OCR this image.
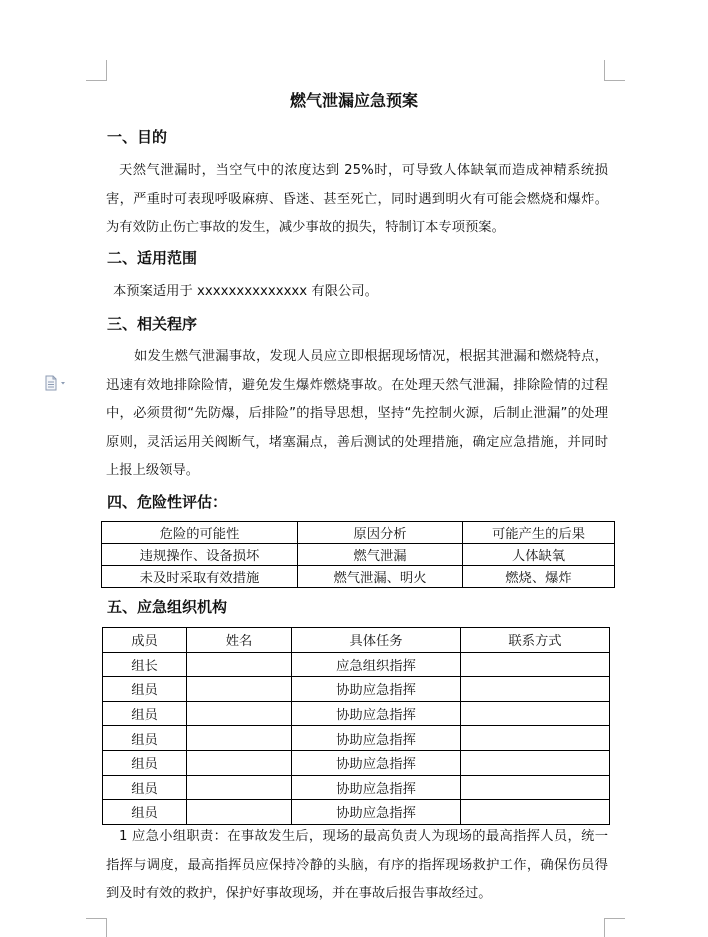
燃气泄漏应急预案
一、目的

天然气泄漏时，当空气中的浓度达到 25%时，可导致人体缺氧而造成神精系统损害，严重时可表现呼吸麻痹、昏迷、甚至死亡，同时遇到明火有可能会燃烧和爆炸。为有效防止伤亡事故的发生，减少事故的损失，特制订本专项预案。

二、适用范围

本预案适用于 xxxxxxxxxxxxxx 有限公司。

三、相关程序

如发生燃气泄漏事故，发现人员应立即根据现场情况，根据其泄漏和燃烧特点，迅速有效地排除险情，避免发生爆炸燃烧事故。在处理天然气泄漏，排除险情的过程中，必须贯彻“先防爆，后排险”的指导思想，坚持“先控制火源，后制止泄漏”的处理原则，灵活运用关阀断气，堵塞漏点，善后测试的处理措施，确定应急措施，并同时上报上级领导。

四、危险性评估：
危险的可能性	原因分析	可能产生的后果
违规操作、设备损坏	燃气泄漏	人体缺氧
未及时采取有效措施	燃气泄漏、明火	燃烧、爆炸
五、应急组织机构
成员	姓名	具体任务	联系方式
组长		应急组织指挥	
组员		协助应急指挥	
组员		协助应急指挥	
组员		协助应急指挥	
组员		协助应急指挥	
组员		协助应急指挥	
组员		协助应急指挥	

1 应急小组职责：在事故发生后，现场的最高负责人为现场的最高指挥人员，统一指挥与调度，最高指挥员应保持冷静的头脑，有序的指挥现场救护工作，确保伤员得到及时有效的救护，保护好事故现场，并在事故后报告事故经过。
